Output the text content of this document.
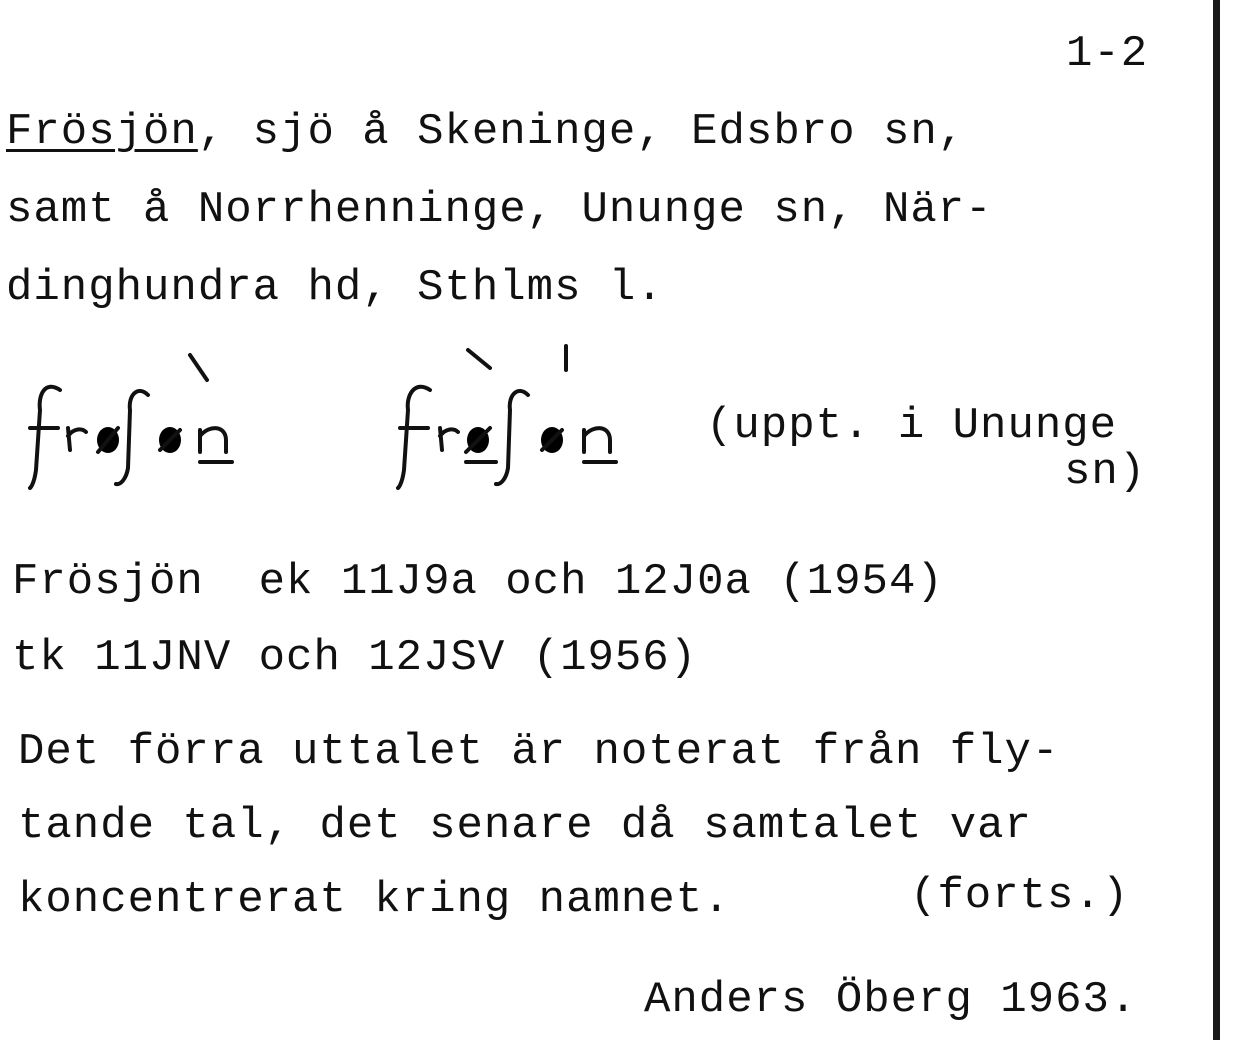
1-2
Frösjön, sjö å Skeninge, Edsbro sn,
samt å Norrhenninge, Ununge sn, När-
dinghundra hd, Sthlms l.
(uppt. i Ununge
sn)
Frösjön  ek 11J9a och 12J0a (1954)
tk 11JNV och 12JSV (1956)
Det förra uttalet är noterat från fly-
tande tal, det senare då samtalet var
koncentrerat kring namnet.	(forts.)
Anders Öberg 1963.
